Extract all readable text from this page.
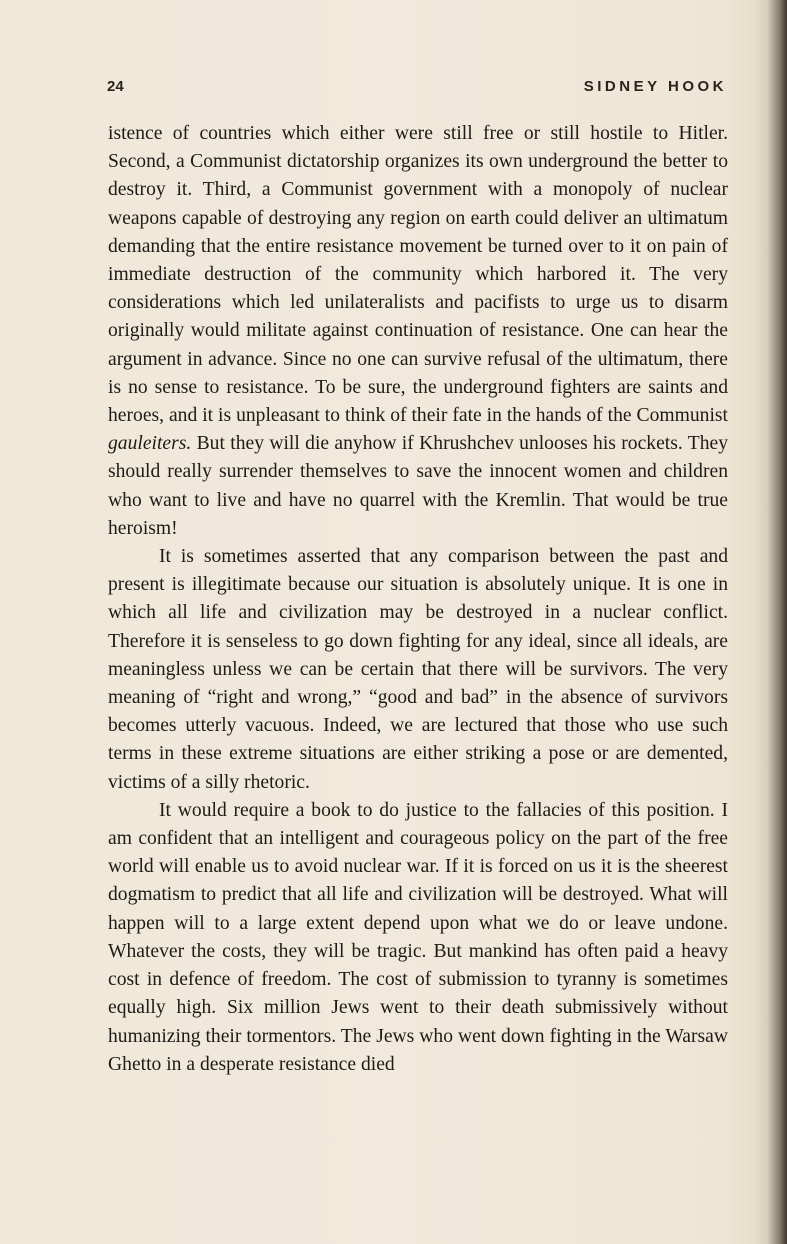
24	SIDNEY HOOK

istence of countries which either were still free or still hostile to Hitler. Second, a Communist dictatorship organizes its own underground the better to destroy it. Third, a Communist government with a monopoly of nuclear weapons capable of destroying any region on earth could deliver an ultimatum demanding that the entire resistance movement be turned over to it on pain of immediate destruction of the community which harbored it. The very considerations which led unilateralists and pacifists to urge us to disarm originally would militate against continuation of resistance. One can hear the argument in advance. Since no one can survive refusal of the ultimatum, there is no sense to resistance. To be sure, the underground fighters are saints and heroes, and it is unpleasant to think of their fate in the hands of the Communist gauleiters. But they will die anyhow if Khrushchev unlooses his rockets. They should really surrender themselves to save the innocent women and children who want to live and have no quarrel with the Kremlin. That would be true heroism!

It is sometimes asserted that any comparison between the past and present is illegitimate because our situation is absolutely unique. It is one in which all life and civilization may be destroyed in a nuclear conflict. Therefore it is senseless to go down fighting for any ideal, since all ideals, are meaningless unless we can be certain that there will be survivors. The very meaning of “right and wrong,” “good and bad” in the absence of survivors becomes utterly vacuous. Indeed, we are lectured that those who use such terms in these extreme situations are either striking a pose or are demented, victims of a silly rhetoric.

It would require a book to do justice to the fallacies of this position. I am confident that an intelligent and courageous policy on the part of the free world will enable us to avoid nuclear war. If it is forced on us it is the sheerest dogmatism to predict that all life and civilization will be destroyed. What will happen will to a large extent depend upon what we do or leave undone. Whatever the costs, they will be tragic. But mankind has often paid a heavy cost in defence of freedom. The cost of submission to tyranny is sometimes equally high. Six million Jews went to their death submissively without humanizing their tormentors. The Jews who went down fighting in the Warsaw Ghetto in a desperate resistance died
